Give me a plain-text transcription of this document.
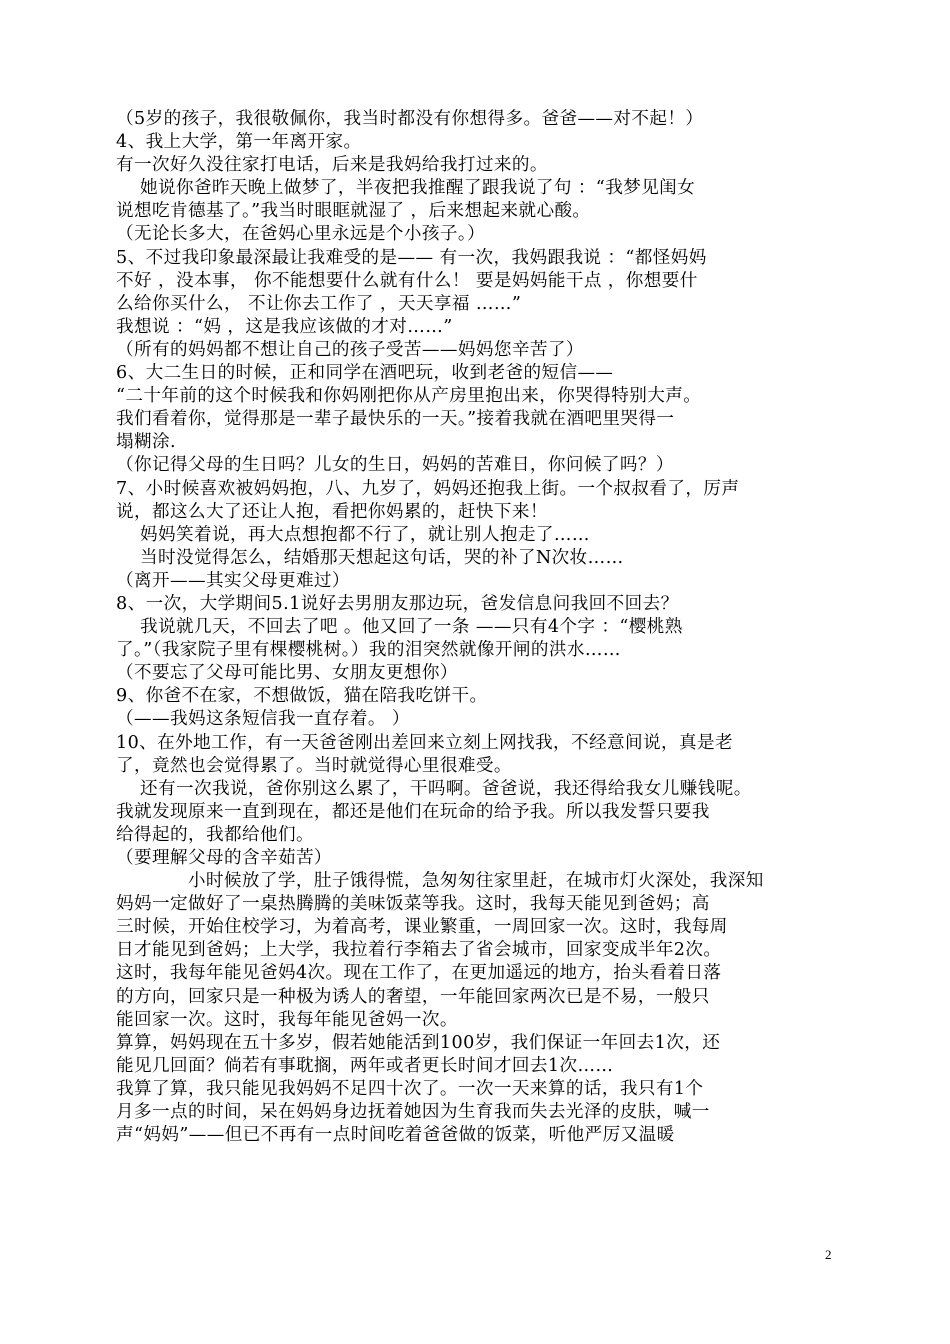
（5岁的孩子，我很敬佩你，我当时都没有你想得多。爸爸——对不起！）
4、我上大学，第一年离开家。
有一次好久没往家打电话，后来是我妈给我打过来的。
她说你爸昨天晚上做梦了，半夜把我推醒了跟我说了句 ：“我梦见闺女
说想吃肯德基了。”我当时眼眶就湿了 ，后来想起来就心酸。
（无论长多大，在爸妈心里永远是个小孩子。）
5、不过我印象最深最让我难受的是—— 有一次，我妈跟我说 ：“都怪妈妈
不好 ，没本事， 你不能想要什么就有什么！ 要是妈妈能干点 ，你想要什
么给你买什么， 不让你去工作了 ，天天享福 ……”
我想说 ：“妈 ，这是我应该做的才对……”
（所有的妈妈都不想让自己的孩子受苦——妈妈您辛苦了）
6、大二生日的时候，正和同学在酒吧玩，收到老爸的短信——
“二十年前的这个时候我和你妈刚把你从产房里抱出来，你哭得特别大声。
我们看着你，觉得那是一辈子最快乐的一天。”接着我就在酒吧里哭得一
塌糊涂.
（你记得父母的生日吗？儿女的生日，妈妈的苦难日，你问候了吗？）
7、小时候喜欢被妈妈抱，八、九岁了，妈妈还抱我上街。一个叔叔看了，厉声
说，都这么大了还让人抱，看把你妈累的，赶快下来！
妈妈笑着说，再大点想抱都不行了，就让别人抱走了……
当时没觉得怎么，结婚那天想起这句话，哭的补了N次妆……
（离开——其实父母更难过）
8、一次，大学期间5.1说好去男朋友那边玩，爸发信息问我回不回去？
我说就几天，不回去了吧 。他又回了一条 ——只有4个字 ：“樱桃熟
了。”（我家院子里有棵樱桃树。）我的泪突然就像开闸的洪水……
（不要忘了父母可能比男、女朋友更想你）
9、你爸不在家，不想做饭，猫在陪我吃饼干。
（——我妈这条短信我一直存着。 ）
10、在外地工作，有一天爸爸刚出差回来立刻上网找我，不经意间说，真是老
了，竟然也会觉得累了。当时就觉得心里很难受。
还有一次我说，爸你别这么累了，干吗啊。爸爸说，我还得给我女儿赚钱呢。
我就发现原来一直到现在，都还是他们在玩命的给予我。所以我发誓只要我
给得起的，我都给他们。
（要理解父母的含辛茹苦）
小时候放了学，肚子饿得慌，急匆匆往家里赶，在城市灯火深处，我深知
妈妈一定做好了一桌热腾腾的美味饭菜等我。这时，我每天能见到爸妈；高
三时候，开始住校学习，为着高考，课业繁重，一周回家一次。这时，我每周
日才能见到爸妈；上大学，我拉着行李箱去了省会城市，回家变成半年2次。
这时，我每年能见爸妈4次。现在工作了，在更加遥远的地方，抬头看着日落
的方向，回家只是一种极为诱人的奢望，一年能回家两次已是不易，一般只
能回家一次。这时，我每年能见爸妈一次。
算算，妈妈现在五十多岁，假若她能活到100岁，我们保证一年回去1次，还
能见几回面？倘若有事耽搁，两年或者更长时间才回去1次……
我算了算，我只能见我妈妈不足四十次了。一次一天来算的话，我只有1个
月多一点的时间，呆在妈妈身边抚着她因为生育我而失去光泽的皮肤，喊一
声“妈妈”——但已不再有一点时间吃着爸爸做的饭菜，听他严厉又温暖
2
